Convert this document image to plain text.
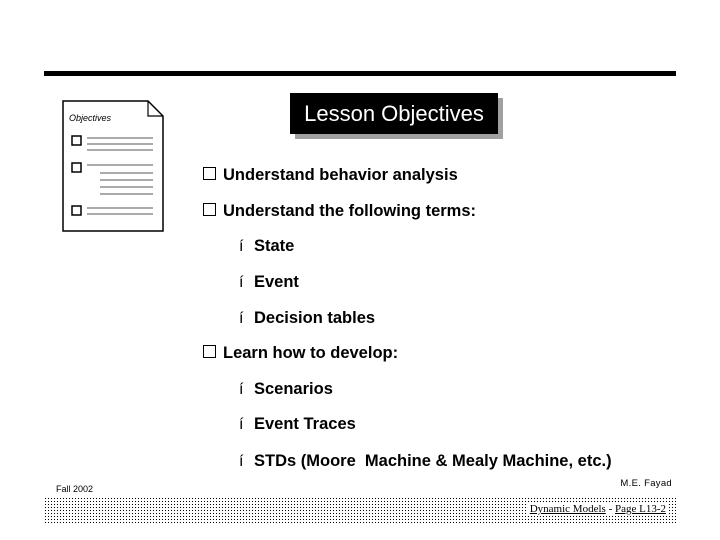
Lesson Objectives
Objectives
Understand behavior analysis
Understand the following terms:
í State
í Event
í Decision tables
Learn how to develop:
í Scenarios
í Event Traces
í STDs (Moore  Machine & Mealy Machine, etc.)
Fall 2002	M.E. Fayad
Dynamic Models - Page L13-2
